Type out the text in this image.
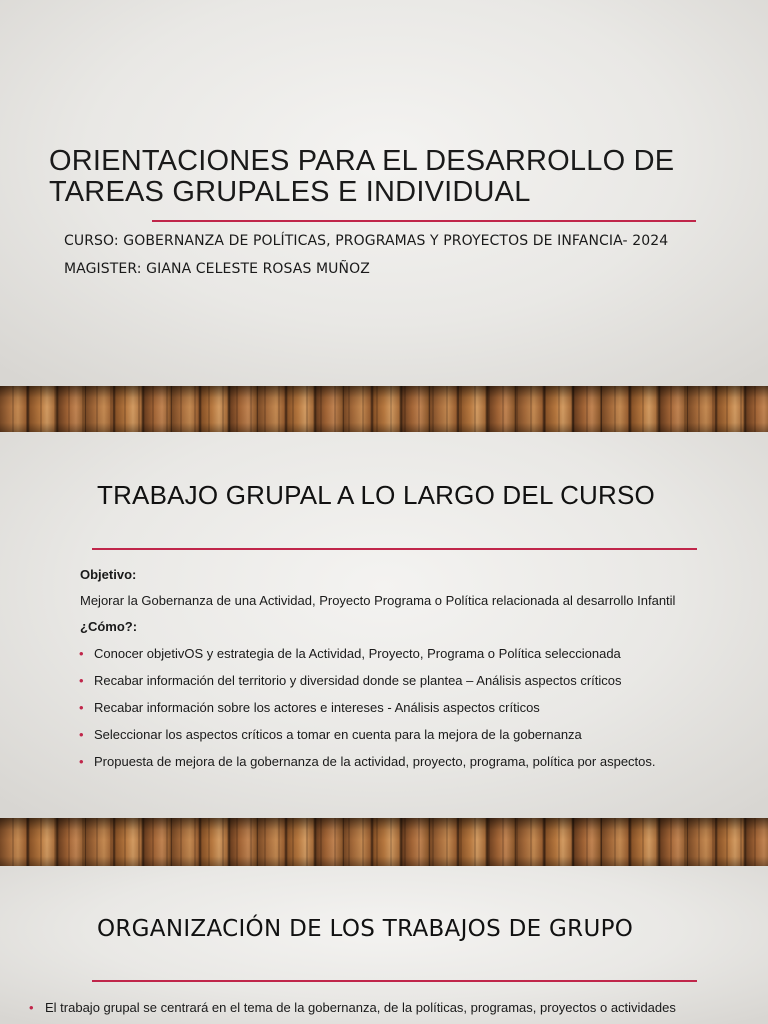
ORIENTACIONES PARA EL DESARROLLO DE TAREAS GRUPALES E INDIVIDUAL
CURSO: GOBERNANZA DE POLÍTICAS, PROGRAMAS Y PROYECTOS DE INFANCIA- 2024
MAGISTER: GIANA CELESTE ROSAS MUÑOZ
TRABAJO GRUPAL A LO LARGO DEL CURSO
Objetivo:
Mejorar la Gobernanza de una Actividad, Proyecto Programa o Política relacionada al desarrollo Infantil
¿Cómo?:
• Conocer objetivOS y estrategia de la Actividad, Proyecto, Programa o Política seleccionada
• Recabar información del territorio y diversidad donde se plantea – Análisis aspectos críticos
• Recabar información sobre los actores e intereses - Análisis aspectos críticos
• Seleccionar los aspectos críticos a tomar en cuenta para la mejora de la gobernanza
• Propuesta de mejora de la gobernanza de la actividad, proyecto, programa, política por aspectos.
ORGANIZACIÓN DE LOS TRABAJOS DE GRUPO
• El trabajo grupal se centrará en el tema de la gobernanza, de la políticas, programas, proyectos o actividades
